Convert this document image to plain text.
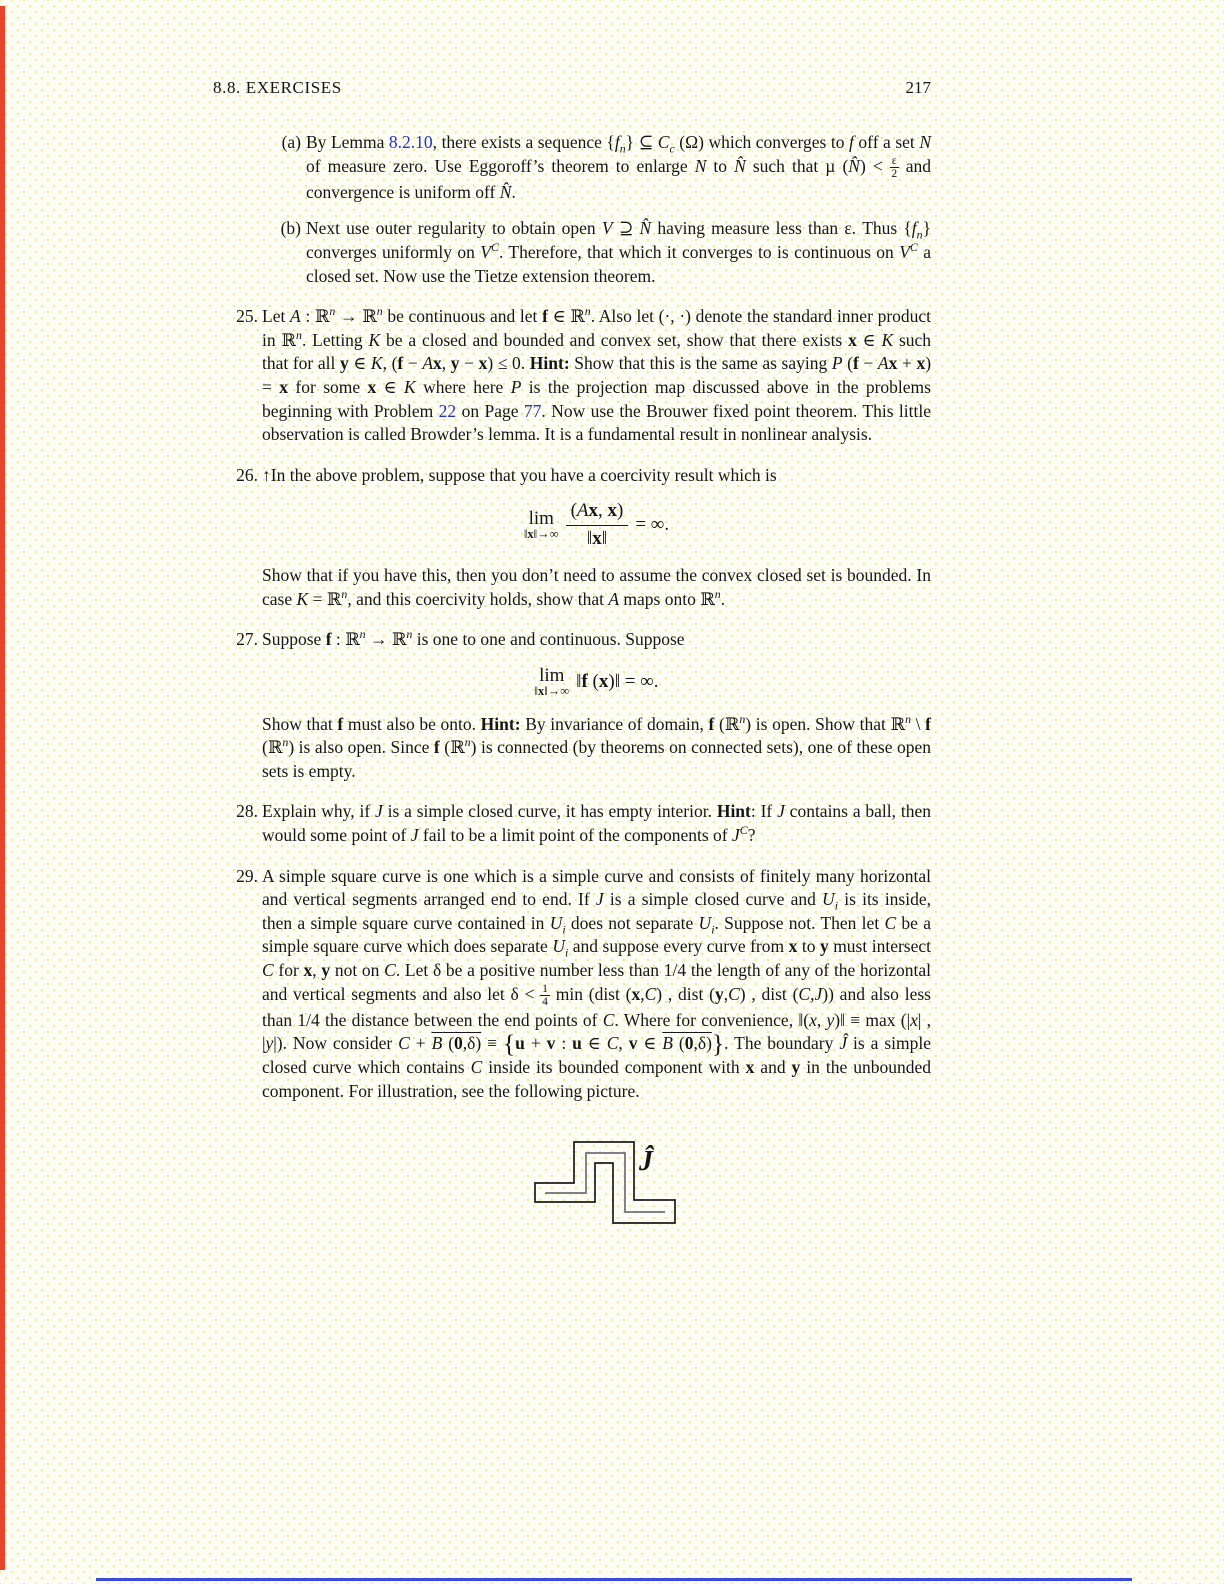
8.8. EXERCISES	217
(a) By Lemma 8.2.10, there exists a sequence $\{f_n\}$ ⊆ $C_c$ (Ω) which converges to f off a set N of measure zero. Use Eggoroff’s theorem to enlarge N to N̂ such that µ (N̂) < $\frac{\varepsilon}{2}$ and convergence is uniform off N̂.
(b) Next use outer regularity to obtain open V ⊇ N̂ having measure less than ε. Thus $\{f_n\}$ converges uniformly on $V^C$. Therefore, that which it converges to is continuous on $V^C$ a closed set. Now use the Tietze extension theorem.
25. Let A : ℝ$^n$ → ℝ$^n$ be continuous and let f ∈ ℝ$^n$. Also let (·, ·) denote the standard inner product in ℝ$^n$. Letting K be a closed and bounded and convex set, show that there exists x ∈ K such that for all y ∈ K, (f − Ax, y − x) ≤ 0. Hint: Show that this is the same as saying P (f − Ax + x) = x for some x ∈ K where here P is the projection map discussed above in the problems beginning with Problem 22 on Page 77. Now use the Brouwer fixed point theorem. This little observation is called Browder’s lemma. It is a fundamental result in nonlinear analysis.
26. ↑In the above problem, suppose that you have a coercivity result which is
lim
‖x‖→∞ $\frac{(Ax, x)}{‖x‖}$ = ∞.
Show that if you have this, then you don’t need to assume the convex closed set is bounded. In case K = ℝ$^n$, and this coercivity holds, show that A maps onto ℝ$^n$.
27. Suppose f : ℝ$^n$ → ℝ$^n$ is one to one and continuous. Suppose
lim
‖x‖→∞ ‖f (x)‖ = ∞.
Show that f must also be onto. Hint: By invariance of domain, f (ℝ$^n$) is open. Show that ℝ$^n$ \ f (ℝ$^n$) is also open. Since f (ℝ$^n$) is connected (by theorems on connected sets), one of these open sets is empty.
28. Explain why, if J is a simple closed curve, it has empty interior. Hint: If J contains a ball, then would some point of J fail to be a limit point of the components of $J^C$?
29. A simple square curve is one which is a simple curve and consists of finitely many horizontal and vertical segments arranged end to end. If J is a simple closed curve and $U_i$ is its inside, then a simple square curve contained in $U_i$ does not separate $U_i$. Suppose not. Then let C be a simple square curve which does separate $U_i$ and suppose every curve from x to y must intersect C for x, y not on C. Let δ be a positive number less than 1/4 the length of any of the horizontal and vertical segments and also let $\delta < \frac{1}{4}$ min (dist (x,C) , dist (y,C) , dist (C,J)) and also less than 1/4 the distance between the end points of C. Where for convenience, ‖(x, y)‖ ≡ max (|x| , |y|). Now consider C + B (0,δ) ≡ {u + v : u ∈ C, v ∈ B (0,δ)}. The boundary Ĵ is a simple closed curve which contains C inside its bounded component with x and y in the unbounded component. For illustration, see the following picture.
Ĵ
